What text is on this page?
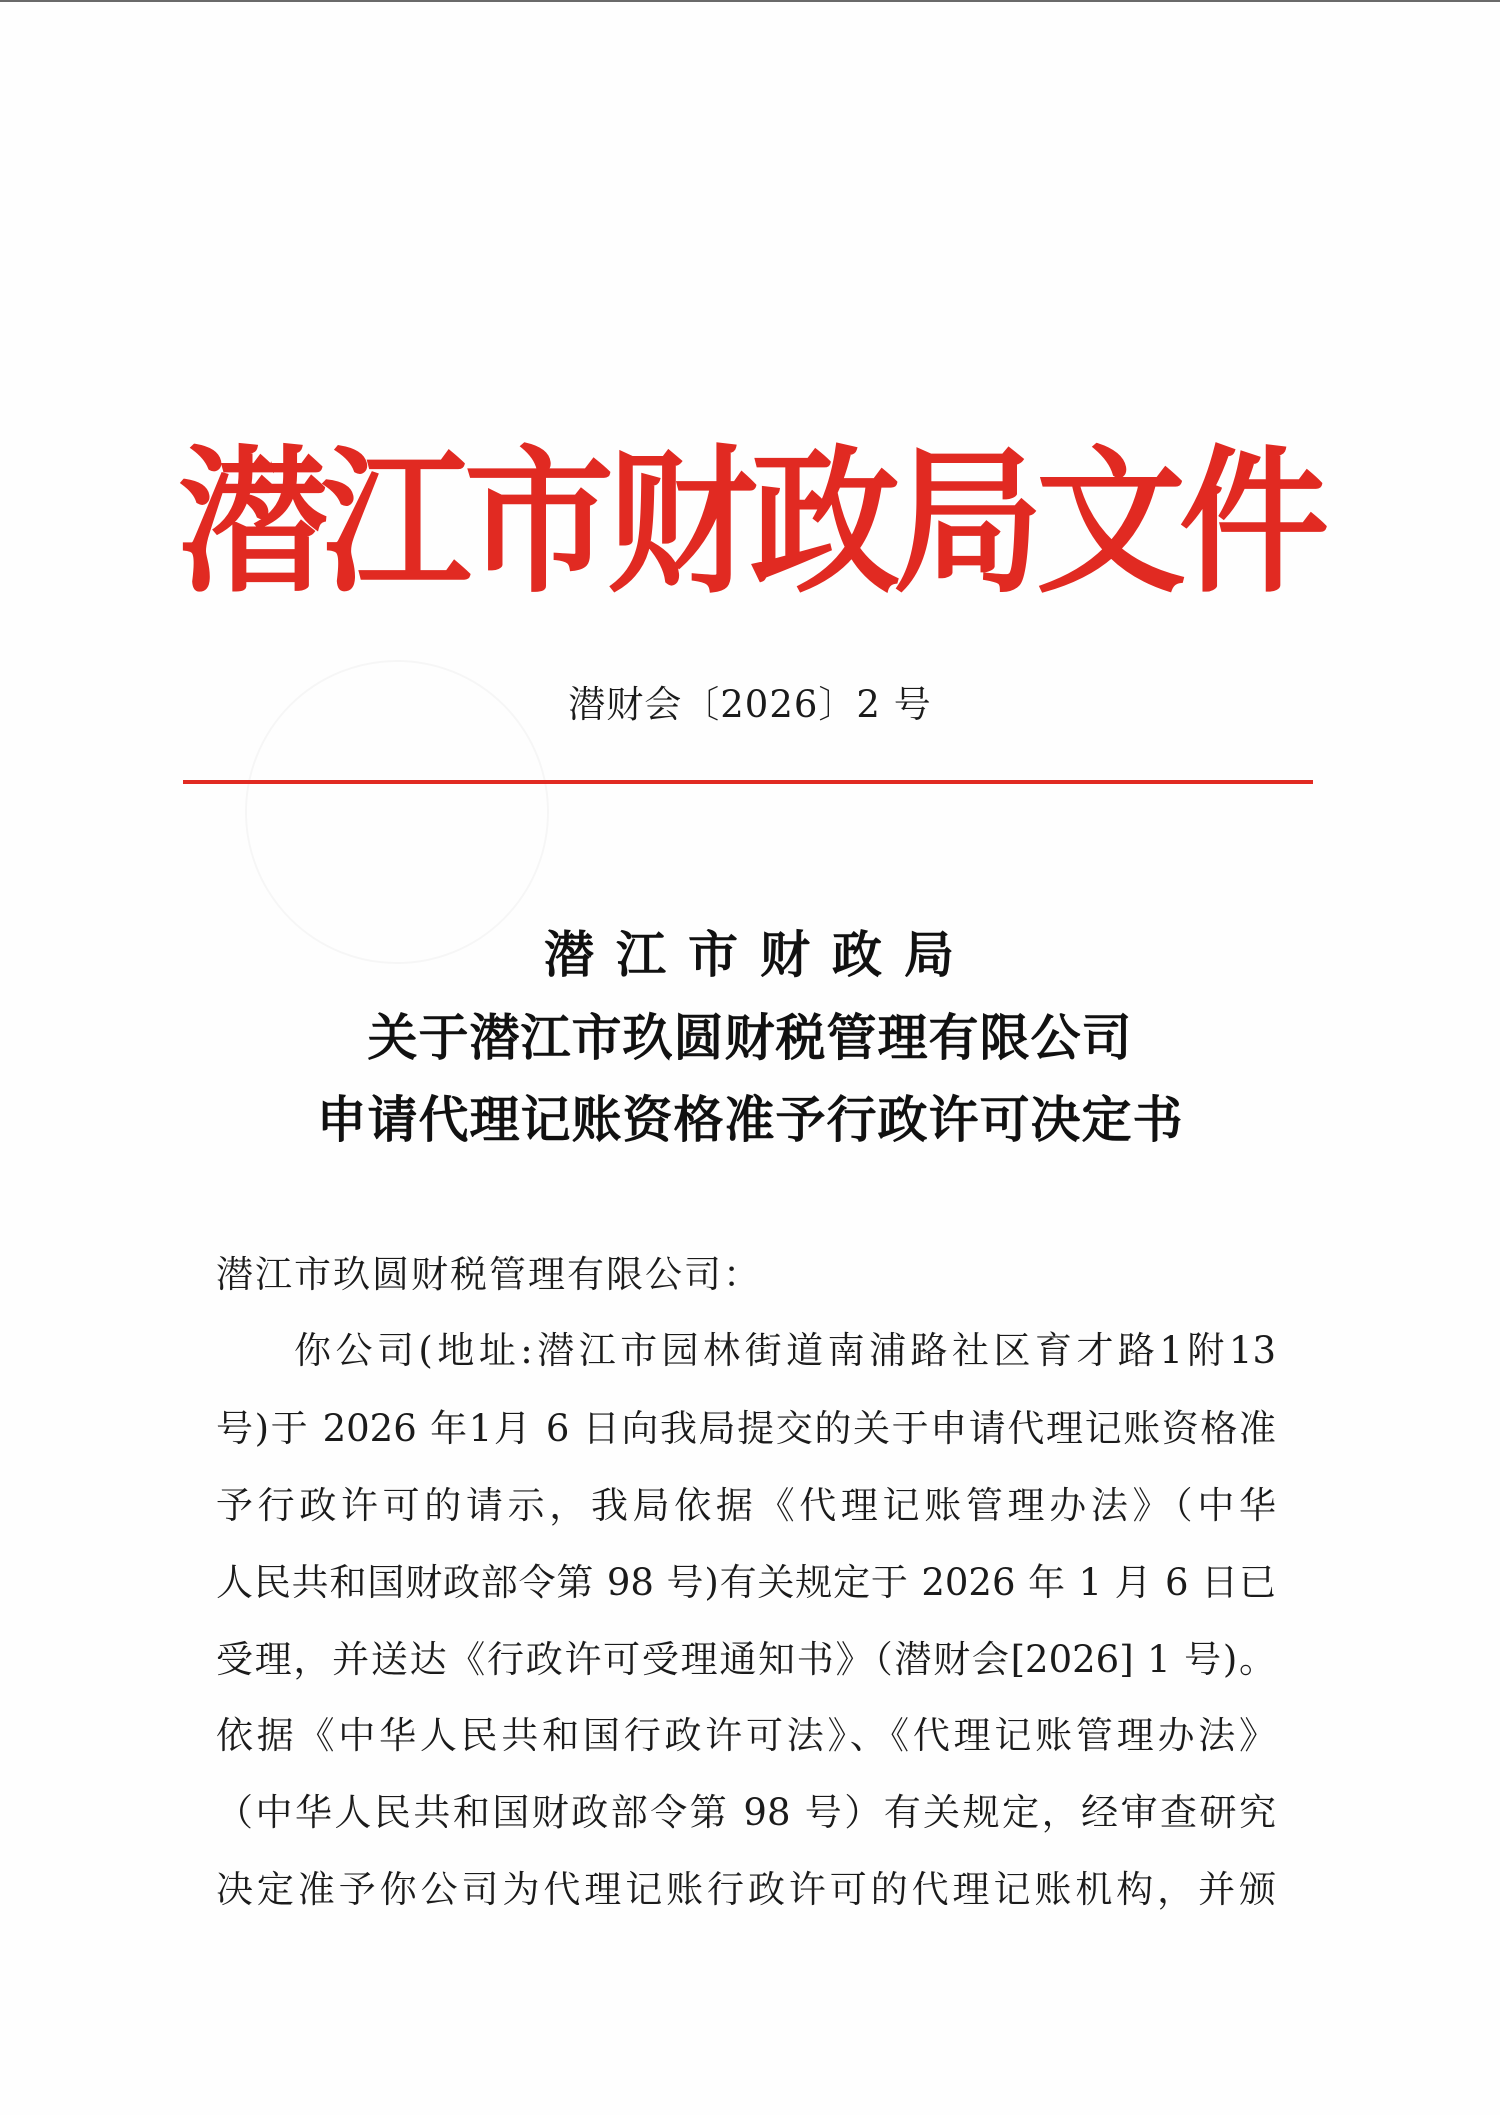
潜江市财政局文件
潜财会〔2026〕2 号
潜江市财政局
关于潜江市玖圆财税管理有限公司
申请代理记账资格准予行政许可决定书
潜江市玖圆财税管理有限公司：
你公司(地址:潜江市园林街道南浦路社区育才路1附13
号)于 2026 年1月 6 日向我局提交的关于申请代理记账资格准
予行政许可的请示，我局依据《代理记账管理办法》（中华
人民共和国财政部令第 98 号)有关规定于 2026 年 1 月 6 日已
受理，并送达《行政许可受理通知书》（潜财会[2026] 1 号)。
依据《中华人民共和国行政许可法》、《代理记账管理办法》
（中华人民共和国财政部令第 98 号）有关规定，经审查研究
决定准予你公司为代理记账行政许可的代理记账机构，并颁
